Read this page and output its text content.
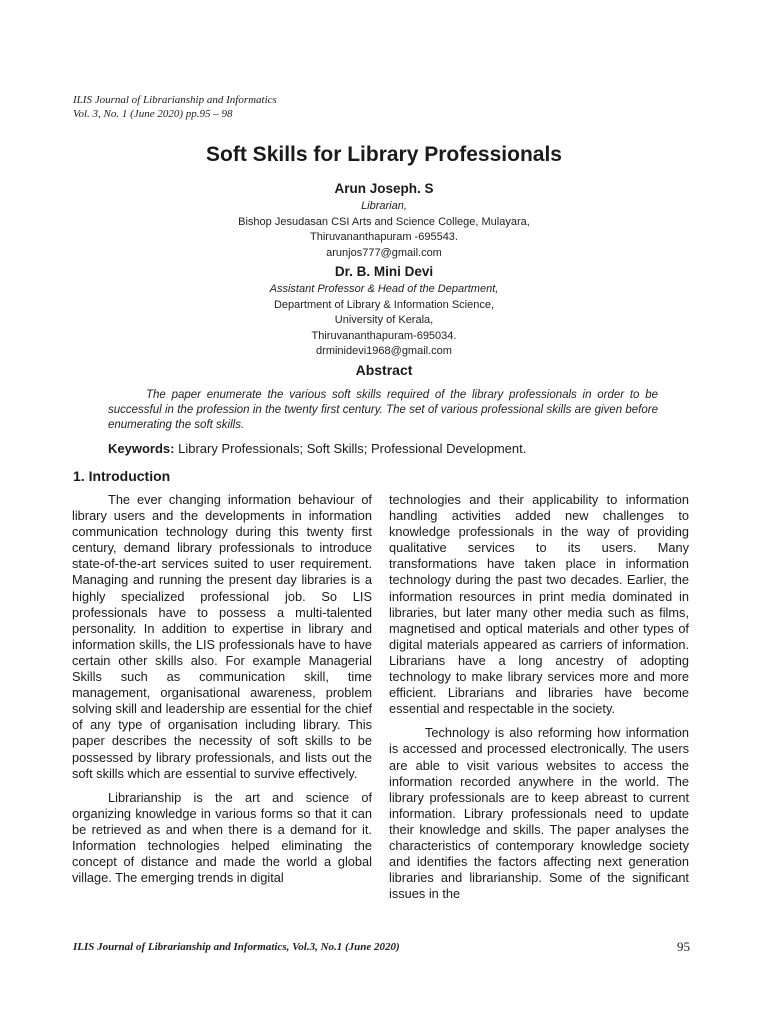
ILIS Journal of Librarianship and Informatics
Vol. 3, No. 1 (June 2020) pp.95 – 98
Soft Skills for Library Professionals
Arun Joseph. S
Librarian,
Bishop Jesudasan CSI Arts and Science College, Mulayara,
Thiruvananthapuram -695543.
arunjos777@gmail.com
Dr. B. Mini Devi
Assistant Professor & Head of the Department,
Department of Library & Information Science,
University of Kerala,
Thiruvananthapuram-695034.
drminidevi1968@gmail.com
Abstract

The paper enumerate the various soft skills required of the library professionals in order to be successful in the profession in the twenty first century. The set of various professional skills are given before enumerating the soft skills.

Keywords: Library Professionals; Soft Skills; Professional Development.
1. Introduction

The ever changing information behaviour of library users and the developments in information communication technology during this twenty first century, demand library professionals to introduce state-of-the-art services suited to user requirement. Managing and running the present day libraries is a highly specialized professional job. So LIS professionals have to possess a multi-talented personality. In addition to expertise in library and information skills, the LIS professionals have to have certain other skills also. For example Managerial Skills such as communication skill, time management, organisational awareness, problem solving skill and leadership are essential for the chief of any type of organisation including library. This paper describes the necessity of soft skills to be possessed by library professionals, and lists out the soft skills which are essential to survive effectively.

Librarianship is the art and science of organizing knowledge in various forms so that it can be retrieved as and when there is a demand for it. Information technologies helped eliminating the concept of distance and made the world a global village. The emerging trends in digital

technologies and their applicability to information handling activities added new challenges to knowledge professionals in the way of providing qualitative services to its users. Many transformations have taken place in information technology during the past two decades. Earlier, the information resources in print media dominated in libraries, but later many other media such as films, magnetised and optical materials and other types of digital materials appeared as carriers of information. Librarians have a long ancestry of adopting technology to make library services more and more efficient. Librarians and libraries have become essential and respectable in the society.

Technology is also reforming how information is accessed and processed electronically. The users are able to visit various websites to access the information recorded anywhere in the world. The library professionals are to keep abreast to current information. Library professionals need to update their knowledge and skills. The paper analyses the characteristics of contemporary knowledge society and identifies the factors affecting next generation libraries and librarianship. Some of the significant issues in the

ILIS Journal of Librarianship and Informatics, Vol.3, No.1 (June 2020)	95
